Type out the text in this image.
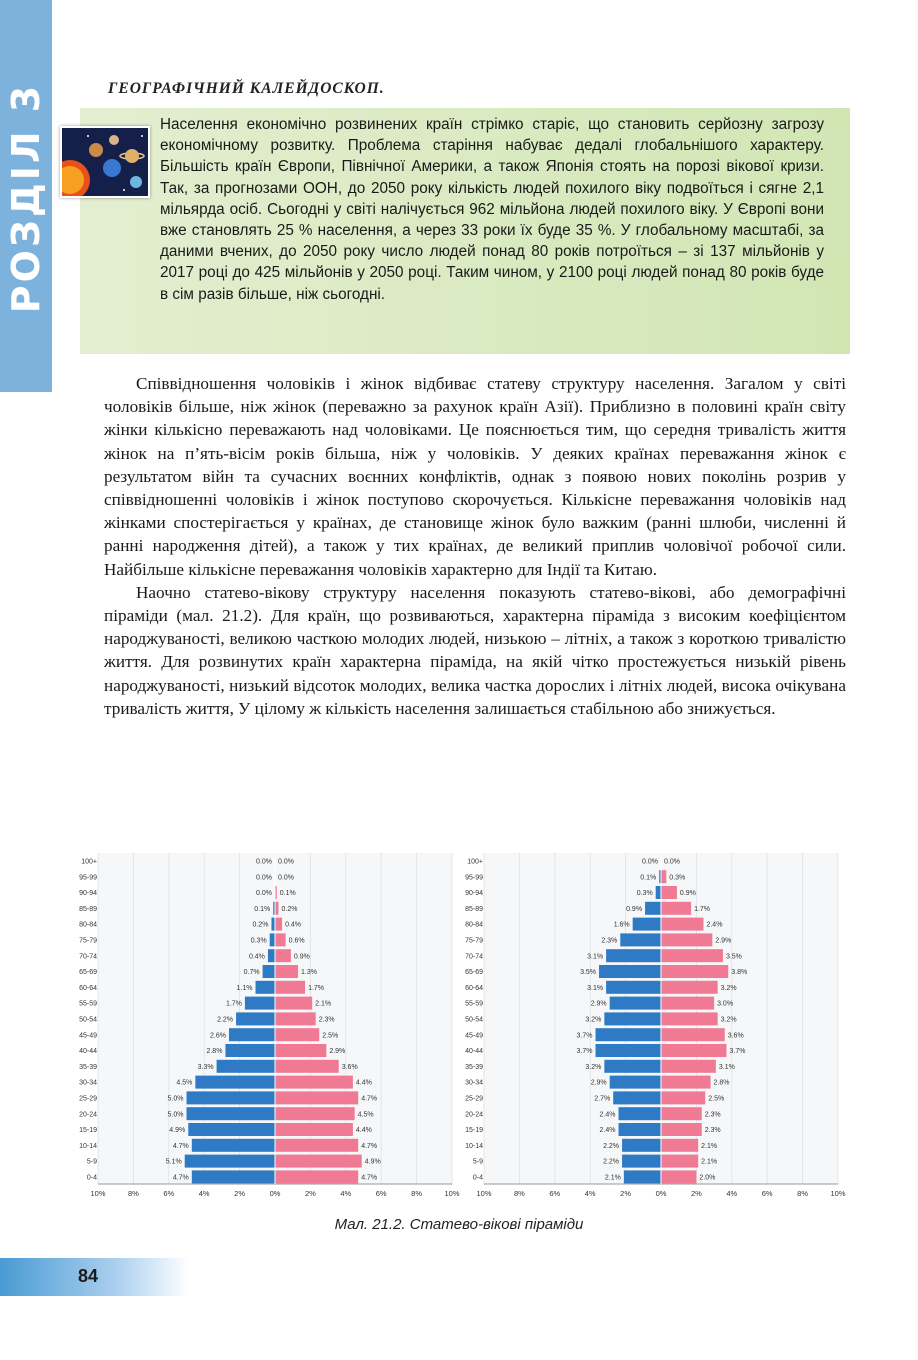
РОЗДІЛ 3	ГЕОГРАФІЧНИЙ КАЛЕЙДОСКОП.

Населення економічно розвинених країн стрімко старіє, що становить серйозну загрозу економічному розвитку. Проблема старіння набуває дедалі глобальнішого характеру. Більшість країн Європи, Північної Америки, а також Японія стоять на порозі вікової кризи. Так, за прогнозами ООН, до 2050 року кількість людей похилого віку подвоїться і сягне 2,1 мільярда осіб. Сьогодні у світі налічується 962 мільйона людей похилого віку. У Європі вони вже становлять 25 % населення, а через 33 роки їх буде 35 %. У глобальному масштабі, за даними вчених, до 2050 року число людей понад 80 років потроїться – зі 137 мільйонів у 2017 році до 425 мільйонів у 2050 році. Таким чином, у 2100 році людей понад 80 років буде в сім разів більше, ніж сьогодні.

Співвідношення чоловіків і жінок відбиває статеву структуру населення. Загалом у світі чоловіків більше, ніж жінок (переважно за рахунок країн Азії). Приблизно в половині країн світу жінки кількісно переважають над чоловіками. Це пояснюється тим, що середня тривалість життя жінок на п’ять-вісім років більша, ніж у чоловіків. У деяких країнах переважання жінок є результатом війн та сучасних воєнних конфліктів, однак з появою нових поколінь розрив у співвідношенні чоловіків і жінок поступово скорочується. Кількісне переважання чоловіків над жінками спостерігається у країнах, де становище жінок було важким (ранні шлюби, численні й ранні народження дітей), а також у тих країнах, де великий приплив чоловічої робочої сили. Найбільше кількісне переважання чоловіків характерно для Індії та Китаю.

Наочно статево-вікову структуру населення показують статево-вікові, або демографічні піраміди (мал. 21.2). Для країн, що розвиваються, характерна піраміда з високим коефіцієнтом народжуваності, великою часткою молодих людей, низькою – літніх, а також з короткою тривалістю життя. Для розвинутих країн характерна піраміда, на якій чітко простежується низькій рівень народжуваності, низький відсоток молодих, велика частка дорослих і літніх людей, висока очікувана тривалість життя, У цілому ж кількість населення залишається стабільною або знижується.

10%	8%	6%	4%	2%	0%	2%	4%	6%	8%	10%
100+	0.0% 0.0%
95-99	0.0% 0.0%
90-94	0.0% 0.1%
85-89	0.1% 0.2%
80-84	0.2% 0.4%
75-79	0.3%	0.6%
70-74	0.4%	0.9%
65-69	0.7%	1.3%
60-64	1.1%	1.7%
55-59	1.7%	2.1%
50-54	2.2%	2.3%
45-49	2.6%	2.5%
40-44	2.8%	2.9%
35-39	3.3%	3.6%
30-34	4.5%	4.4%
25-29	5.0%	4.7%
20-24	5.0%	4.5%
15-19	4.9%	4.4%
10-14	4.7%	4.7%
5-9	5.1%	4.9%
0-4	4.7%	4.7%
10%	8%	6%	4%	2%	0%	2%	4%	6%	8%	10%
100+	0.0% 0.0%
95-99	0.1% 0.3%
90-94	0.3%	0.9%
85-89	0.9%	1.7%
80-84	1.6%	2.4%
75-79	2.3%	2.9%
70-74	3.1%	3.5%
65-69	3.5%	3.8%
60-64	3.1%	3.2%
55-59	2.9%	3.0%
50-54	3.2%	3.2%
45-49	3.7%	3.6%
40-44	3.7%	3.7%
35-39	3.2%	3.1%
30-34	2.9%	2.8%
25-29	2.7%	2.5%
20-24	2.4%	2.3%
15-19	2.4%	2.3%
10-14	2.2%	2.1%
5-9	2.2%	2.1%
0-4	2.1%	2.0%
Мал. 21.2. Статево-вікові піраміди
84
